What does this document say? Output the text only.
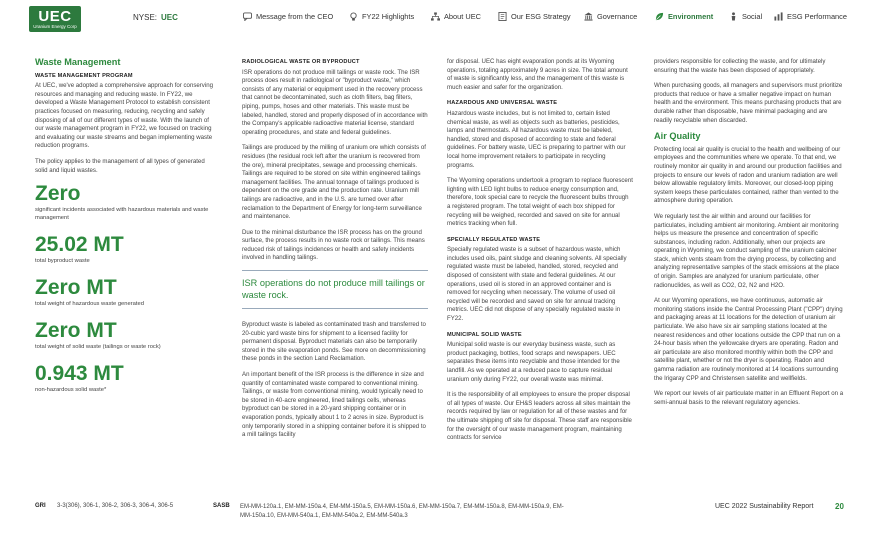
UEC
Uranium Energy Corp
NYSE: UEC	Message from the CEO	FY22 Highlights	About UEC	Our ESG Strategy	Governance	Environment	Social	ESG Performance
Waste Management
WASTE MANAGEMENT PROGRAM

At UEC, we've adopted a comprehensive approach for conserving resources and managing and reducing waste. In FY22, we developed a Waste Management Protocol to establish consistent practices focused on measuring, reducing, recycling and safely disposing of all of our different types of waste. With the launch of our waste management program in FY22, we focused on tracking and evaluating our waste streams and began implementing waste reduction programs.

The policy applies to the management of all types of generated solid and liquid wastes.

Zero
significant incidents associated with hazardous materials and waste management
25.02 MT
total byproduct waste
Zero MT
total weight of hazardous waste generated
Zero MT
total weight of solid waste (tailings or waste rock)
0.943 MT
non-hazardous solid waste*
RADIOLOGICAL WASTE OR BYPRODUCT

ISR operations do not produce mill tailings or waste rock. The ISR process does result in radiological or "byproduct waste," which consists of any material or equipment used in the recovery process that cannot be decontaminated, such as cloth filters, bag filters, piping, pumps, hoses and other materials. This waste must be labeled, handled, stored and properly disposed of in accordance with the Company's applicable radioactive material license, standard operating procedures, and state and federal guidelines.

Tailings are produced by the milling of uranium ore which consists of residues (the residual rock left after the uranium is recovered from the ore), mineral precipitates, sewage and processing chemicals. Tailings are required to be stored on site within engineered tailings management facilities. The annual tonnage of tailings produced is dependent on the ore grade and the production rate. Uranium mill tailings are radioactive, and in the U.S. are turned over after reclamation to the Department of Energy for long-term surveillance and maintenance.

Due to the minimal disturbance the ISR process has on the ground surface, the process results in no waste rock or tailings. This means reduced risk of tailings incidences or health and safety incidents involved in handling tailings.

ISR operations do not produce mill tailings or waste rock.

Byproduct waste is labeled as contaminated trash and transferred to 20-cubic yard waste bins for shipment to a licensed facility for permanent disposal. Byproduct materials can also be temporarily stored in the site evaporation ponds. See more on decommissioning these ponds in the section Land Reclamation.

An important benefit of the ISR process is the difference in size and quantity of contaminated waste compared to conventional mining. Tailings, or waste from conventional mining, would typically need to be stored in 40-acre engineered, lined tailings cells, whereas byproduct can be stored in a 20-yard shipping container or in evaporation ponds, typically about 1 to 2 acres in size. Byproduct is only temporarily stored in a shipping container before it is shipped to a mill tailings facility

for disposal. UEC has eight evaporation ponds at its Wyoming operations, totaling approximately 9 acres in size. The total amount of waste is significantly less, and the management of this waste is much easier and safer for the organization.

HAZARDOUS AND UNIVERSAL WASTE

Hazardous waste includes, but is not limited to, certain listed chemical waste, as well as objects such as batteries, pesticides, lamps and thermostats. All hazardous waste must be labeled, handled, stored and disposed of according to state and federal guidelines. For battery waste, UEC is preparing to partner with our local home improvement retailers to participate in recycling programs.

The Wyoming operations undertook a program to replace fluorescent lighting with LED light bulbs to reduce energy consumption and, therefore, took special care to recycle the fluorescent bulbs through a registered program. The total weight of each box shipped for recycling will be weighed, recorded and saved on site for annual metrics tracking when full.

SPECIALLY REGULATED WASTE

Specially regulated waste is a subset of hazardous waste, which includes used oils, paint sludge and cleaning solvents. All specially regulated waste must be labeled, handled, stored, recycled and disposed of consistent with state and federal guidelines. At our operations, used oil is stored in an approved container and is removed for recycling when necessary. The volume of used oil recycled will be recorded and saved on site for annual tracking metrics. UEC did not dispose of any specially regulated waste in FY22.

MUNICIPAL SOLID WASTE

Municipal solid waste is our everyday business waste, such as product packaging, bottles, food scraps and newspapers. UEC separates these items into recyclable and those intended for the landfill. As we operated at a reduced pace to capture residual uranium only during FY22, our overall waste was minimal.

It is the responsibility of all employees to ensure the proper disposal of all types of waste. Our EH&S leaders across all sites maintain the records required by law or regulation for all of these wastes and for the ultimate shipping off site for disposal. These staff are responsible for the oversight of our waste management program, maintaining contracts for service

providers responsible for collecting the waste, and for ultimately ensuring that the waste has been disposed of appropriately.

When purchasing goods, all managers and supervisors must prioritize products that reduce or have a smaller negative impact on human health and the environment. This means purchasing products that are durable rather than disposable, have minimal packaging and are readily recyclable when discarded.

Air Quality

Protecting local air quality is crucial to the health and wellbeing of our employees and the communities where we operate. To that end, we routinely monitor air quality in and around our production facilities and projects to ensure our levels of radon and uranium radiation are well below allowable regulatory limits. Moreover, our closed-loop piping system keeps these particulates contained, rather than vented to the atmosphere during operation.

We regularly test the air within and around our facilities for particulates, including ambient air monitoring. Ambient air monitoring helps us measure the presence and concentration of specific substances, including radon. Additionally, when our projects are operating in Wyoming, we conduct sampling of the uranium calciner stack, which vents steam from the drying process, by collecting and analyzing representative samples of the stack emissions at the place of origin. Samples are analyzed for uranium particulate, other radionuclides, as well as CO2, O2, N2 and H2O.

At our Wyoming operations, we have continuous, automatic air monitoring stations inside the Central Processing Plant ("CPP") drying and packaging areas at 11 locations for the detection of uranium air particulate. We also have six air sampling stations located at the nearest residences and other locations outside the CPP that run on a 24-hour basis when the yellowcake dryers are operating. Radon and air particulate are also monitored monthly within both the CPP and satellite plant, whether or not the dryer is operating. Radon and gamma radiation are routinely monitored at 14 locations surrounding the Irigaray CPP and Christensen satellite and wellfields.

We report our levels of air particulate matter in an Effluent Report on a semi-annual basis to the relevant regulatory agencies.

GRI 3-3(306), 306-1, 306-2, 306-3, 306-4, 306-5	SASB EM-MM-120a.1, EM-MM-150a.4, EM-MM-150a.5, EM-MM-150a.6, EM-MM-150a.7, EM-MM-150a.8, EM-MM-150a.9, EM-MM-150a.10, EM-MM-540a.1, EM-MM-540a.2, EM-MM-540a.3
UEC 2022 Sustainability Report	20
